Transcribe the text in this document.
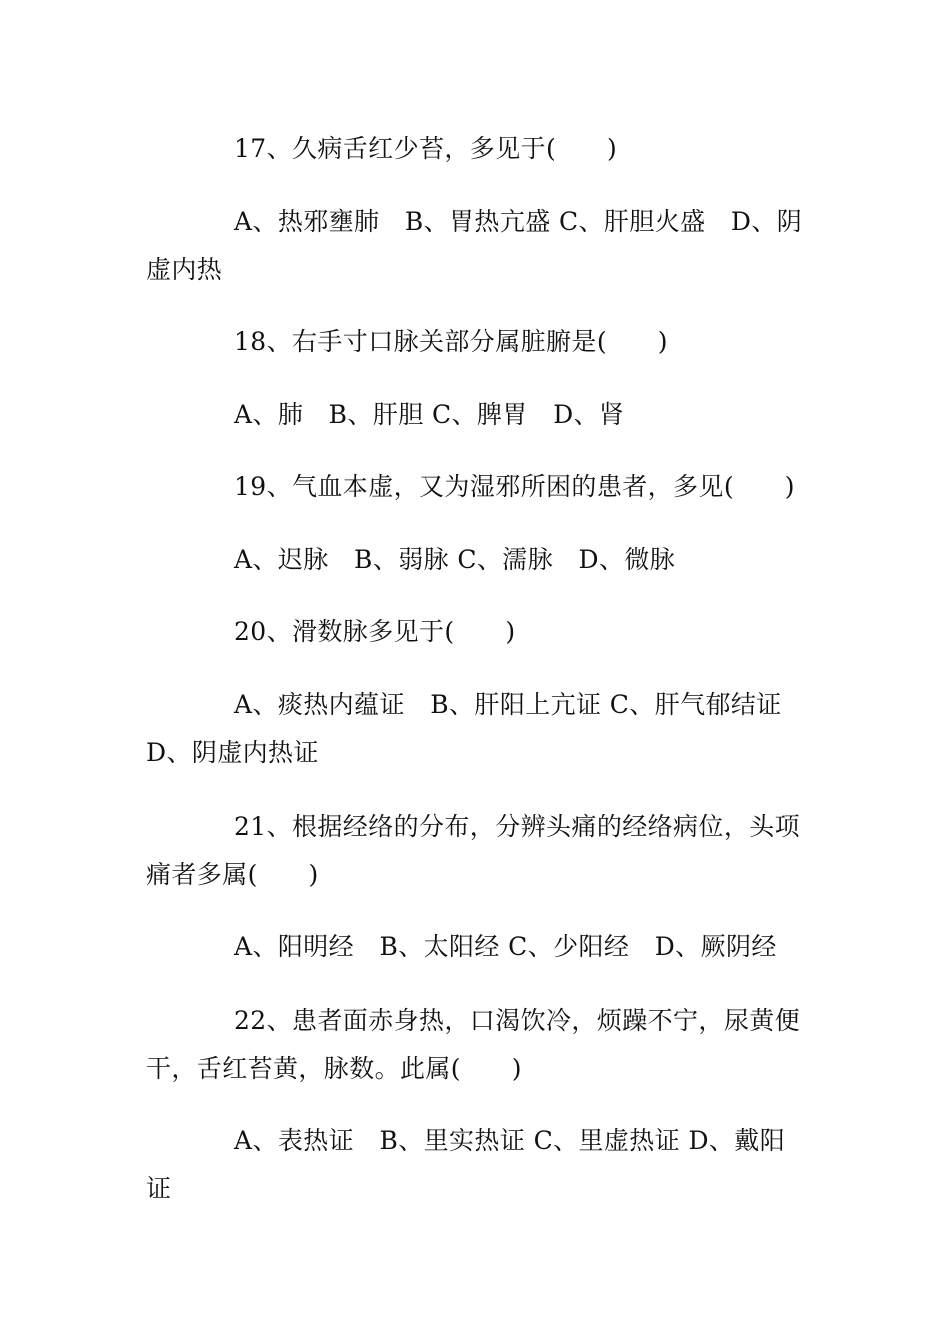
17、久病舌红少苔，多见于(　　)

A、热邪壅肺　B、胃热亢盛 C、肝胆火盛　D、阴虚内热

18、右手寸口脉关部分属脏腑是(　　)

A、肺　B、肝胆 C、脾胃　D、肾

19、气血本虚，又为湿邪所困的患者，多见(　　)

A、迟脉　B、弱脉 C、濡脉　D、微脉

20、滑数脉多见于(　　)

A、痰热内蕴证　B、肝阳上亢证 C、肝气郁结证　D、阴虚内热证

21、根据经络的分布，分辨头痛的经络病位，头项痛者多属(　　)

A、阳明经　B、太阳经 C、少阳经　D、厥阴经

22、患者面赤身热，口渴饮冷，烦躁不宁，尿黄便干，舌红苔黄，脉数。此属(　　)

A、表热证　B、里实热证 C、里虚热证 D、戴阳证
